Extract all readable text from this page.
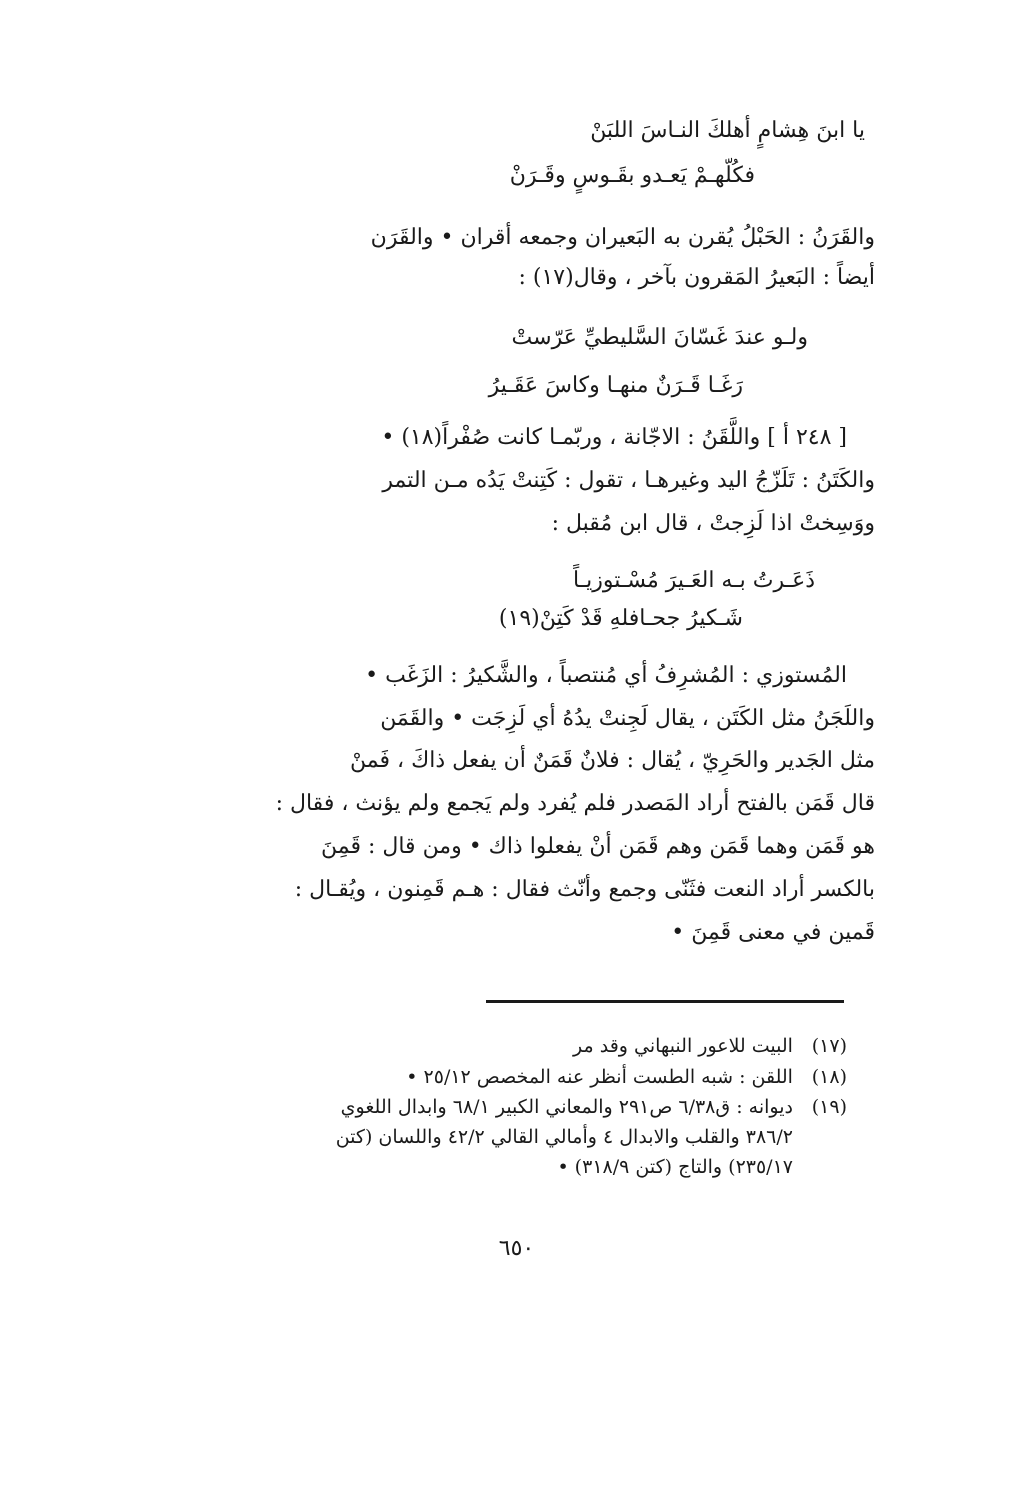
يا ابنَ هِشامٍ أهلكَ النـاسَ اللبَنْ
فكُلّهـمْ يَعـدو بقَـوسٍ وقَـرَنْ
والقَرَنُ : الحَبْلُ يُقرن به البَعيران وجمعه أقران • والقَرَن
أيضاً : البَعيرُ المَقرون بآخر ، وقال(١٧) :
ولـو عندَ غَسّانَ السَّليطيِّ عَرّستْ
رَغَـا قَـرَنٌ منهـا وكاسَ عَقَـيرُ
[ ٢٤٨ أ ] واللَّقَنُ : الاجّانة ، وربّمـا كانت صُفْراً(١٨) •
والكَتَنُ : تَلَزّجُ اليد وغيرهـا ، تقول : كَتِنتْ يَدُه مـن التمر
ووَسِختْ اذا لَزِجتْ ، قال ابن مُقبل :
ذَعَـرتُ بـه العَـيرَ مُسْـتوزيـاً
شَـكيرُ جحـافلهِ قَدْ كَتِنْ(١٩)
المُستوزي : المُشرِفُ أي مُنتصباً ، والشَّكيرُ : الزَغَب •
واللَجَنُ مثل الكَتَن ، يقال لَجِنتْ يدُهُ أي لَزِجَت • والقَمَن
مثل الجَدير والحَرِيّ ، يُقال : فلانٌ قَمَنٌ أن يفعل ذاكَ ، فَمنْ
قال قَمَن بالفتح أراد المَصدر فلم يُفرد ولم يَجمع ولم يؤنث ، فقال :
هو قَمَن وهما قَمَن وهم قَمَن أنْ يفعلوا ذاك • ومن قال : قَمِنَ
بالكسر أراد النعت فثَنّى وجمع وأنّث فقال : هـم قَمِنون ، ويُقـال :
قَمين في معنى قَمِنَ •
(١٧) البيت للاعور النبهاني وقد مر
(١٨) اللقن : شبه الطست أنظر عنه المخصص ٢٥/١٢ •
(١٩) ديوانه : ق٦/٣٨ ص٢٩١ والمعاني الكبير ٦٨/١ وابدال اللغوي
٣٨٦/٢ والقلب والابدال ٤ وأمالي القالي ٤٢/٢ واللسان (كتن
٢٣٥/١٧) والتاج (كتن ٣١٨/٩) •
٦٥٠
